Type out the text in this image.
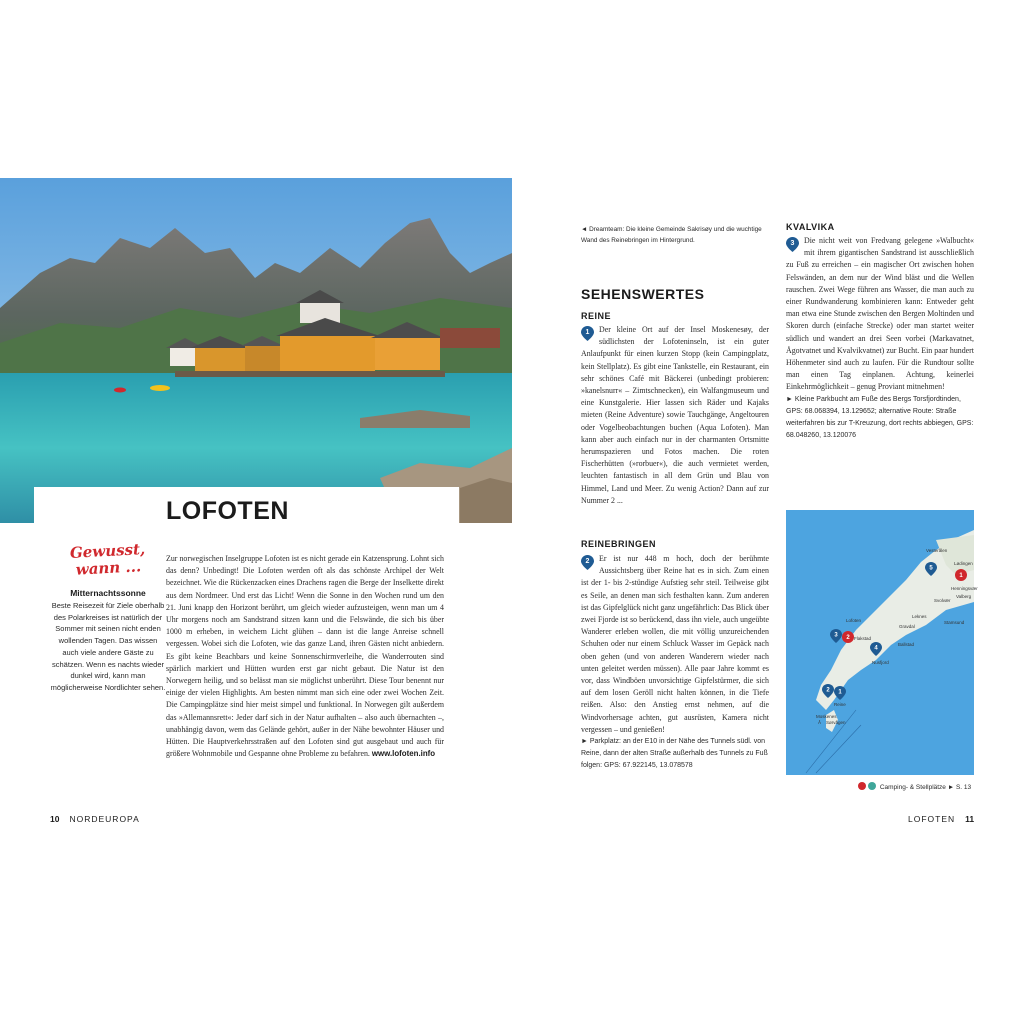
LOFOTEN
Gewusst,
wann ...
Mitternachtssonne
Beste Reisezeit für Ziele oberhalb des Polarkreises ist natürlich der Sommer mit seinen nicht enden wollenden Tagen. Das wissen auch viele andere Gäste zu schätzen. Wenn es nachts wieder dunkel wird, kann man möglicherweise Nordlichter sehen.

Zur norwegischen Inselgruppe Lofoten ist es nicht gerade ein Katzensprung. Lohnt sich das denn? Unbedingt! Die Lofoten werden oft als das schönste Archipel der Welt bezeichnet. Wie die Rückenzacken eines Drachens ragen die Berge der Inselkette direkt aus dem Nordmeer. Und erst das Licht! Wenn die Sonne in den Wochen rund um den 21. Juni knapp den Horizont berührt, um gleich wieder aufzusteigen, wenn man um 4 Uhr morgens noch am Sandstrand sitzen kann und die Felswände, die sich bis über 1000 m erheben, in weichem Licht glühen – dann ist die lange Anreise schnell vergessen. Wobei sich die Lofoten, wie das ganze Land, ihren Gästen nicht anbiedern. Es gibt keine Beachbars und keine Sonnenschirmverleihe, die Wanderrouten sind spärlich markiert und Hütten wurden erst gar nicht gebaut. Die Natur ist den Norwegern heilig, und so belässt man sie möglichst unberührt. Diese Tour benennt nur einige der vielen Highlights. Am besten nimmt man sich eine oder zwei Wochen Zeit. Die Campingplätze sind hier meist simpel und funktional. In Norwegen gilt außerdem das »Allemannsrett«: Jeder darf sich in der Natur aufhalten – also auch übernachten –, unabhängig davon, wem das Gelände gehört, außer in der Nähe bewohnter Häuser und Hütten. Die Hauptverkehrsstraßen auf den Lofoten sind gut ausgebaut und auch für größere Wohnmobile und Gespanne ohne Probleme zu befahren. www.lofoten.info

10 NORDEUROPA
◄ Dreamteam: Die kleine Gemeinde Sakrisøy und die wuchtige Wand des Reinebringen im Hintergrund.
SEHENSWERTES
REINE
1	Der kleine Ort auf der Insel Moskenesøy, der südlichsten der Lofoteninseln, ist ein guter Anlaufpunkt für einen kurzen Stopp (kein Campingplatz, kein Stellplatz). Es gibt eine Tankstelle, ein Restaurant, ein sehr schönes Café mit Bäckerei (unbedingt probieren: »kanelsnurr« – Zimtschnecken), ein Walfangmuseum und eine Kunstgalerie. Hier lassen sich Räder und Kajaks mieten (Reine Adventure) sowie Tauchgänge, Angeltouren oder Vogelbeobachtungen buchen (Aqua Lofoten). Man kann aber auch einfach nur in der charmanten Ortsmitte herumspazieren und Fotos machen. Die roten Fischerhütten (»rorbuer«), die auch vermietet werden, leuchten fantastisch in all dem Grün und Blau von Himmel, Land und Meer. Zu wenig Action? Dann auf zur Nummer 2 ...

REINEBRINGEN
2	Er ist nur 448 m hoch, doch der berühmte Aussichtsberg über Reine hat es in sich. Zum einen ist der 1- bis 2-stündige Aufstieg sehr steil. Teilweise gibt es Seile, an denen man sich festhalten kann. Zum anderen ist das Gipfelglück nicht ganz ungefährlich: Das Blick über zwei Fjorde ist so berückend, dass ihn viele, auch ungeübte Wanderer erleben wollen, die mit völlig unzureichenden Schuhen oder nur einem Schluck Wasser im Gepäck nach oben gehen (und von anderen Wanderern wieder nach unten geleitet werden müssen). Alle paar Jahre kommt es vor, dass Windböen unvorsichtige Gipfelstürmer, die sich auf dem losen Geröll nicht halten können, in die Tiefe reißen. Also: den Anstieg ernst nehmen, auf die Windvorhersage achten, gut ausrüsten, Kamera nicht vergessen – und genießen!

► Parkplatz: an der E10 in der Nähe des Tunnels südl. von Reine, dann der alten Straße außerhalb des Tunnels zu Fuß folgen: GPS: 67.922145, 13.078578

KVALVIKA
3	Die nicht weit von Fredvang gelegene »Walbucht« mit ihrem gigantischen Sandstrand ist ausschließlich zu Fuß zu erreichen – ein magischer Ort zwischen hohen Felswänden, an dem nur der Wind bläst und die Wellen rauschen. Zwei Wege führen ans Wasser, die man auch zu einer Rundwanderung kombinieren kann: Entweder geht man etwa eine Stunde zwischen den Bergen Moltinden und Skoren durch (einfache Strecke) oder man startet weiter südlich und wandert an drei Seen vorbei (Markavatnet, Ågotvatnet und Kvalvikvatnet) zur Bucht. Ein paar hundert Höhenmeter sind auch zu laufen. Für die Rundtour sollte man einen Tag einplanen. Achtung, keinerlei Einkehrmöglichkeit – genug Proviant mitnehmen!

► Kleine Parkbucht am Fuße des Bergs Torsfjordtinden, GPS: 68.068394, 13.129652; alternative Route: Straße weiterfahren bis zur T-Kreuzung, dort rechts abbiegen, GPS: 68.048260, 13.120076

Vesterålen
Lofoten
Lødingen
Svolvær
Leknes
Gravdal
Ballstad
Stamsund
Henningsvær
Flakstad
Nusfjord
Reine
Moskenes
Å Sørvågen
Valberg
5
1
3 2
4
2 1
Camping- & Stellplätze ► S. 13
LOFOTEN 11
